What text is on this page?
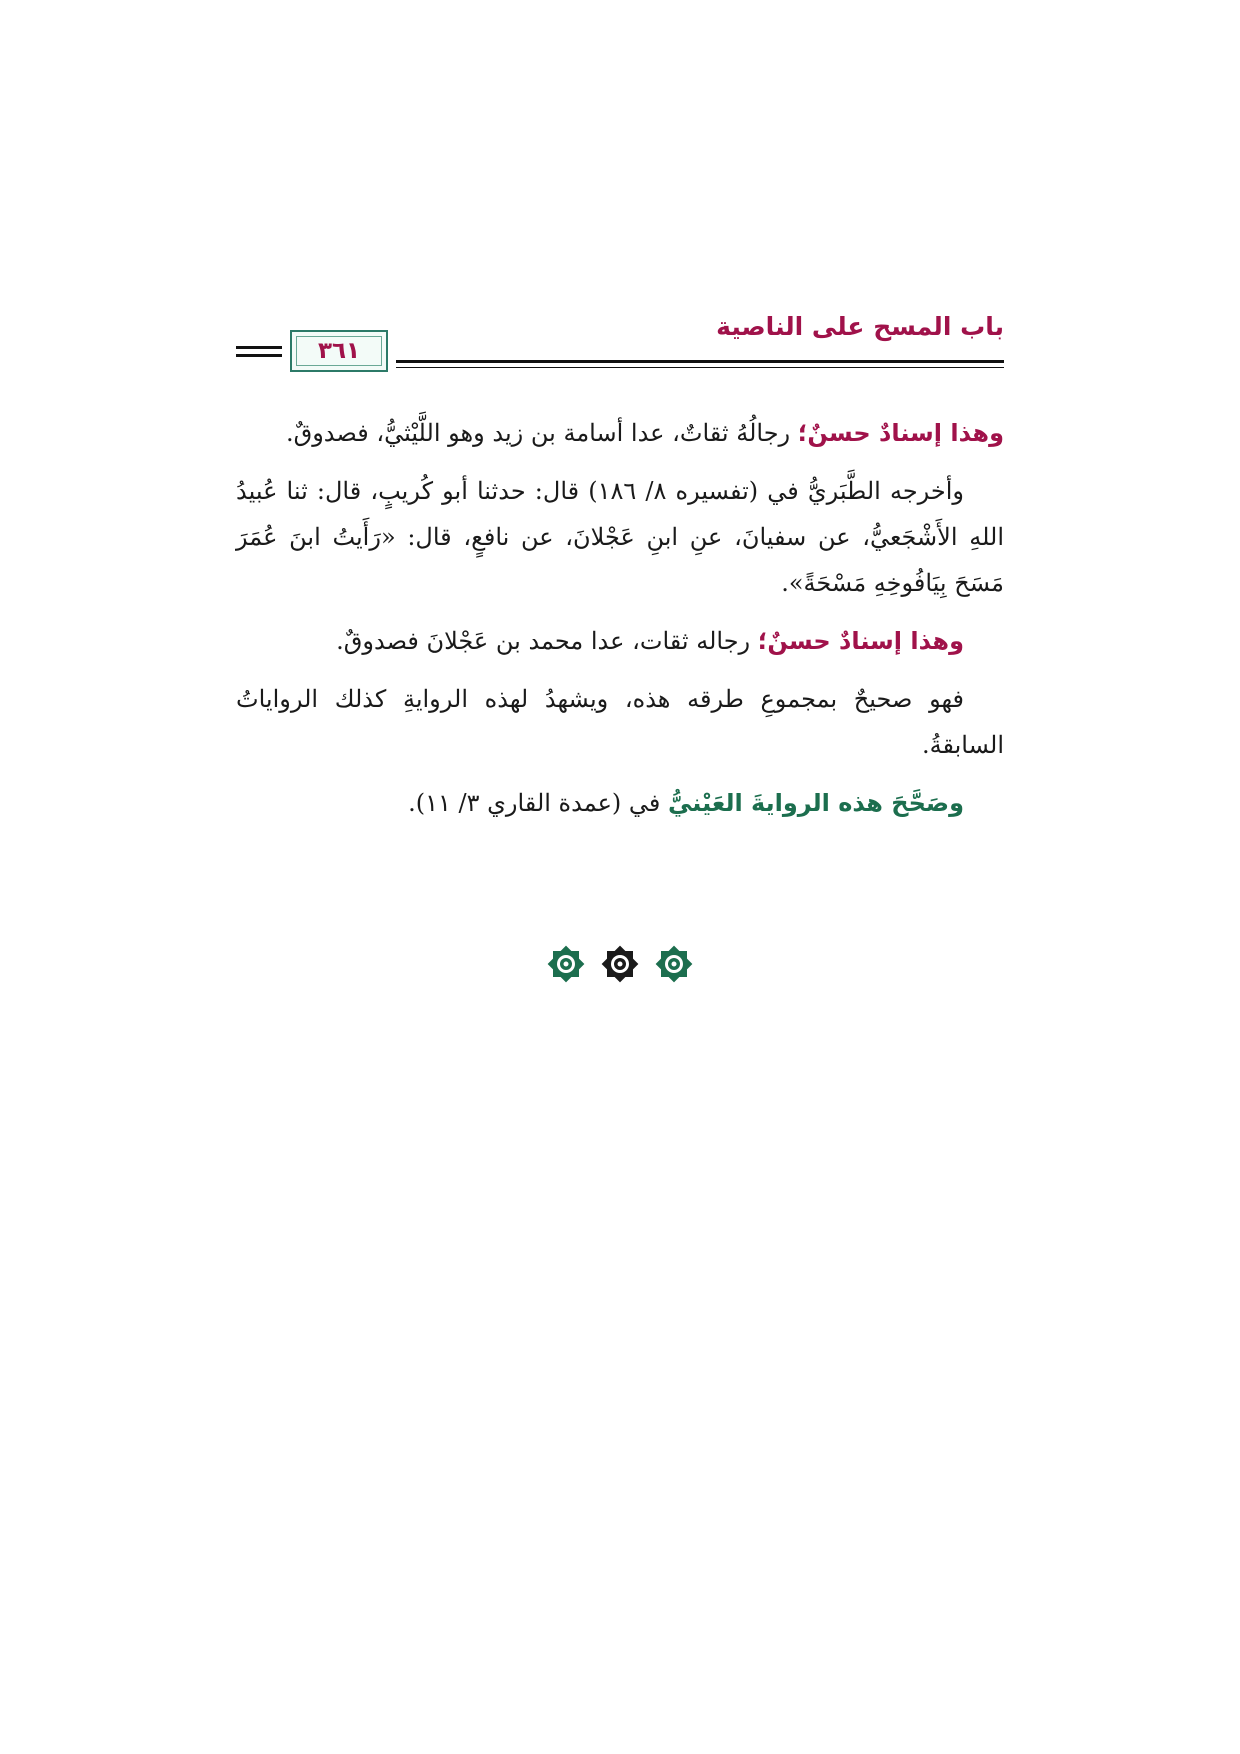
باب المسح على الناصية
٣٦١

وهذا إسنادٌ حسنٌ؛ رجالُهُ ثقاتٌ، عدا أسامة بن زيد وهو اللَّيْثيُّ، فصدوقٌ.

وأخرجه الطَّبَريُّ في (تفسيره ٨/ ١٨٦) قال: حدثنا أبو كُريبٍ، قال: ثنا عُبيدُ اللهِ الأَشْجَعيُّ، عن سفيانَ، عنِ ابنِ عَجْلانَ، عن نافعٍ، قال: «رَأَيتُ ابنَ عُمَرَ مَسَحَ بِيَافُوخِهِ مَسْحَةً».

وهذا إسنادٌ حسنٌ؛ رجاله ثقات، عدا محمد بن عَجْلانَ فصدوقٌ.

فهو صحيحٌ بمجموعِ طرقه هذه، ويشهدُ لهذه الروايةِ كذلك الرواياتُ السابقةُ.

وصَحَّحَ هذه الروايةَ العَيْنيُّ في (عمدة القاري ٣/ ١١).
